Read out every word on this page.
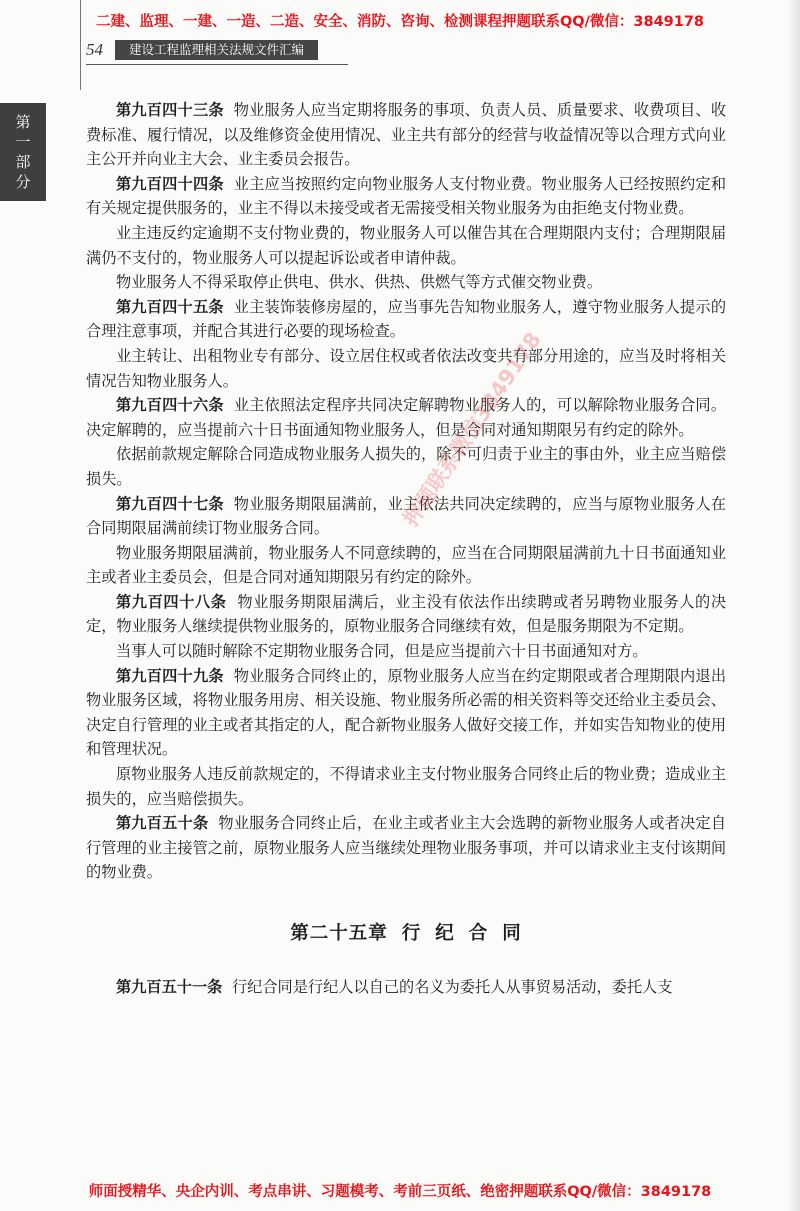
二建、监理、一建、一造、二造、安全、消防、咨询、检测课程押题联系QQ/微信：3849178
54	建设工程监理相关法规文件汇编
第
一
部
分

第九百四十三条 物业服务人应当定期将服务的事项、负责人员、质量要求、收费项目、收费标准、履行情况，以及维修资金使用情况、业主共有部分的经营与收益情况等以合理方式向业主公开并向业主大会、业主委员会报告。

第九百四十四条 业主应当按照约定向物业服务人支付物业费。物业服务人已经按照约定和有关规定提供服务的，业主不得以未接受或者无需接受相关物业服务为由拒绝支付物业费。

业主违反约定逾期不支付物业费的，物业服务人可以催告其在合理期限内支付；合理期限届满仍不支付的，物业服务人可以提起诉讼或者申请仲裁。

物业服务人不得采取停止供电、供水、供热、供燃气等方式催交物业费。

第九百四十五条 业主装饰装修房屋的，应当事先告知物业服务人，遵守物业服务人提示的合理注意事项，并配合其进行必要的现场检查。

业主转让、出租物业专有部分、设立居住权或者依法改变共有部分用途的，应当及时将相关情况告知物业服务人。

第九百四十六条 业主依照法定程序共同决定解聘物业服务人的，可以解除物业服务合同。决定解聘的，应当提前六十日书面通知物业服务人，但是合同对通知期限另有约定的除外。

依据前款规定解除合同造成物业服务人损失的，除不可归责于业主的事由外，业主应当赔偿损失。

第九百四十七条 物业服务期限届满前，业主依法共同决定续聘的，应当与原物业服务人在合同期限届满前续订物业服务合同。

物业服务期限届满前，物业服务人不同意续聘的，应当在合同期限届满前九十日书面通知业主或者业主委员会，但是合同对通知期限另有约定的除外。

第九百四十八条 物业服务期限届满后，业主没有依法作出续聘或者另聘物业服务人的决定，物业服务人继续提供物业服务的，原物业服务合同继续有效，但是服务期限为不定期。

当事人可以随时解除不定期物业服务合同，但是应当提前六十日书面通知对方。

第九百四十九条 物业服务合同终止的，原物业服务人应当在约定期限或者合理期限内退出物业服务区域，将物业服务用房、相关设施、物业服务所必需的相关资料等交还给业主委员会、决定自行管理的业主或者其指定的人，配合新物业服务人做好交接工作，并如实告知物业的使用和管理状况。

原物业服务人违反前款规定的，不得请求业主支付物业服务合同终止后的物业费；造成业主损失的，应当赔偿损失。

第九百五十条 物业服务合同终止后，在业主或者业主大会选聘的新物业服务人或者决定自行管理的业主接管之前，原物业服务人应当继续处理物业服务事项，并可以请求业主支付该期间的物业费。

第二十五章 行 纪 合 同

第九百五十一条 行纪合同是行纪人以自己的名义为委托人从事贸易活动，委托人支

押题联系微信3849178
师面授精华、央企内训、考点串讲、习题模考、考前三页纸、绝密押题联系QQ/微信：3849178
